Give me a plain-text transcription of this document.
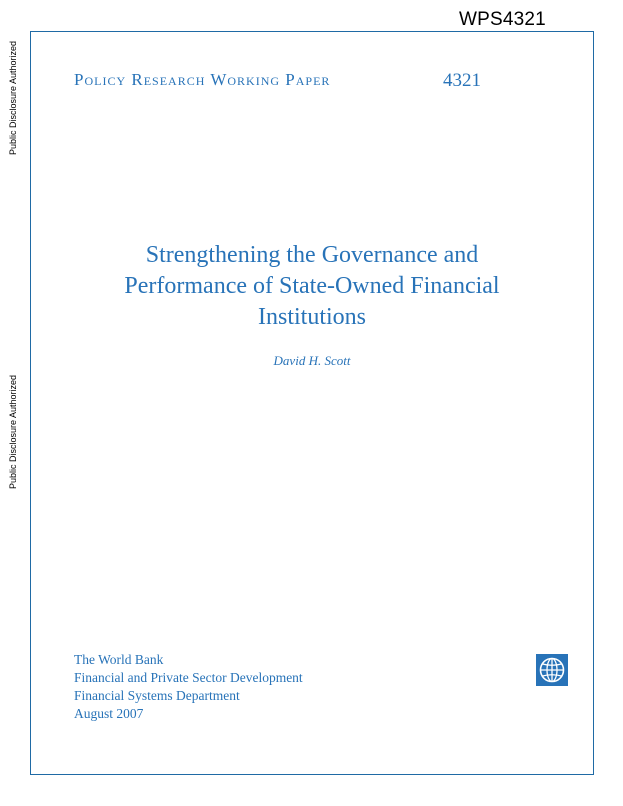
WPS4321
Public Disclosure Authorized
Public Disclosure Authorized
Policy Research Working Paper	4321
Strengthening the Governance and
Performance of State-Owned Financial
Institutions
David H. Scott
The World Bank
Financial and Private Sector Development
Financial Systems Department
August 2007
